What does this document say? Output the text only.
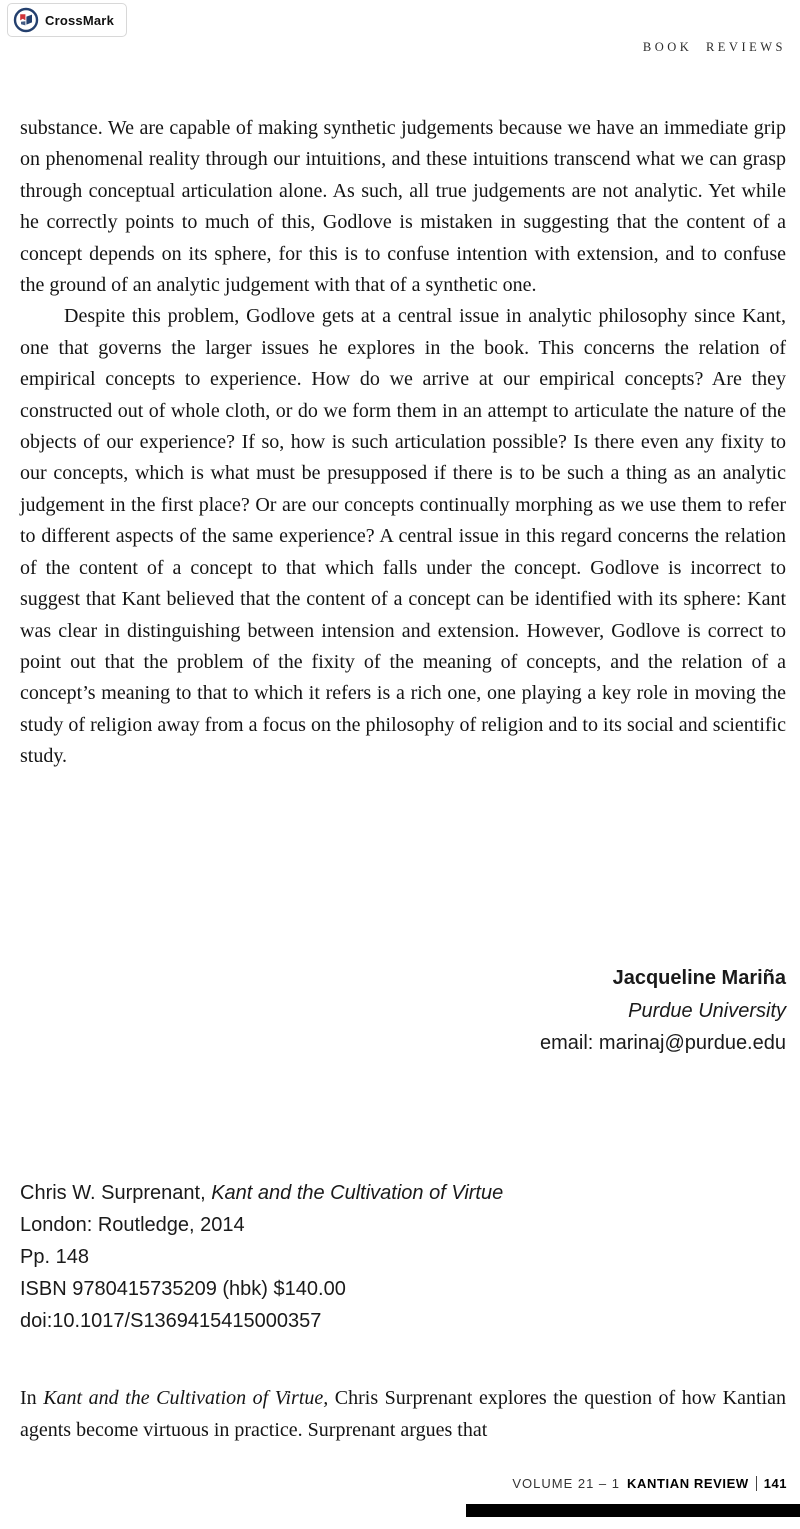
CrossMark
BOOK REVIEWS

substance. We are capable of making synthetic judgements because we have an immediate grip on phenomenal reality through our intuitions, and these intuitions transcend what we can grasp through conceptual articulation alone. As such, all true judgements are not analytic. Yet while he correctly points to much of this, Godlove is mistaken in suggesting that the content of a concept depends on its sphere, for this is to confuse intention with extension, and to confuse the ground of an analytic judgement with that of a synthetic one.

Despite this problem, Godlove gets at a central issue in analytic philosophy since Kant, one that governs the larger issues he explores in the book. This concerns the relation of empirical concepts to experience. How do we arrive at our empirical concepts? Are they constructed out of whole cloth, or do we form them in an attempt to articulate the nature of the objects of our experience? If so, how is such articulation possible? Is there even any fixity to our concepts, which is what must be presupposed if there is to be such a thing as an analytic judgement in the first place? Or are our concepts continually morphing as we use them to refer to different aspects of the same experience? A central issue in this regard concerns the relation of the content of a concept to that which falls under the concept. Godlove is incorrect to suggest that Kant believed that the content of a concept can be identified with its sphere: Kant was clear in distinguishing between intension and extension. However, Godlove is correct to point out that the problem of the fixity of the meaning of concepts, and the relation of a concept’s meaning to that to which it refers is a rich one, one playing a key role in moving the study of religion away from a focus on the philosophy of religion and to its social and scientific study.

Jacqueline Mariña
Purdue University
email: marinaj@purdue.edu
Chris W. Surprenant, Kant and the Cultivation of Virtue
London: Routledge, 2014
Pp. 148
ISBN 9780415735209 (hbk) $140.00
doi:10.1017/S1369415415000357

In Kant and the Cultivation of Virtue, Chris Surprenant explores the question of how Kantian agents become virtuous in practice. Surprenant argues that

VOLUME 21 – 1 KANTIAN REVIEW 141
